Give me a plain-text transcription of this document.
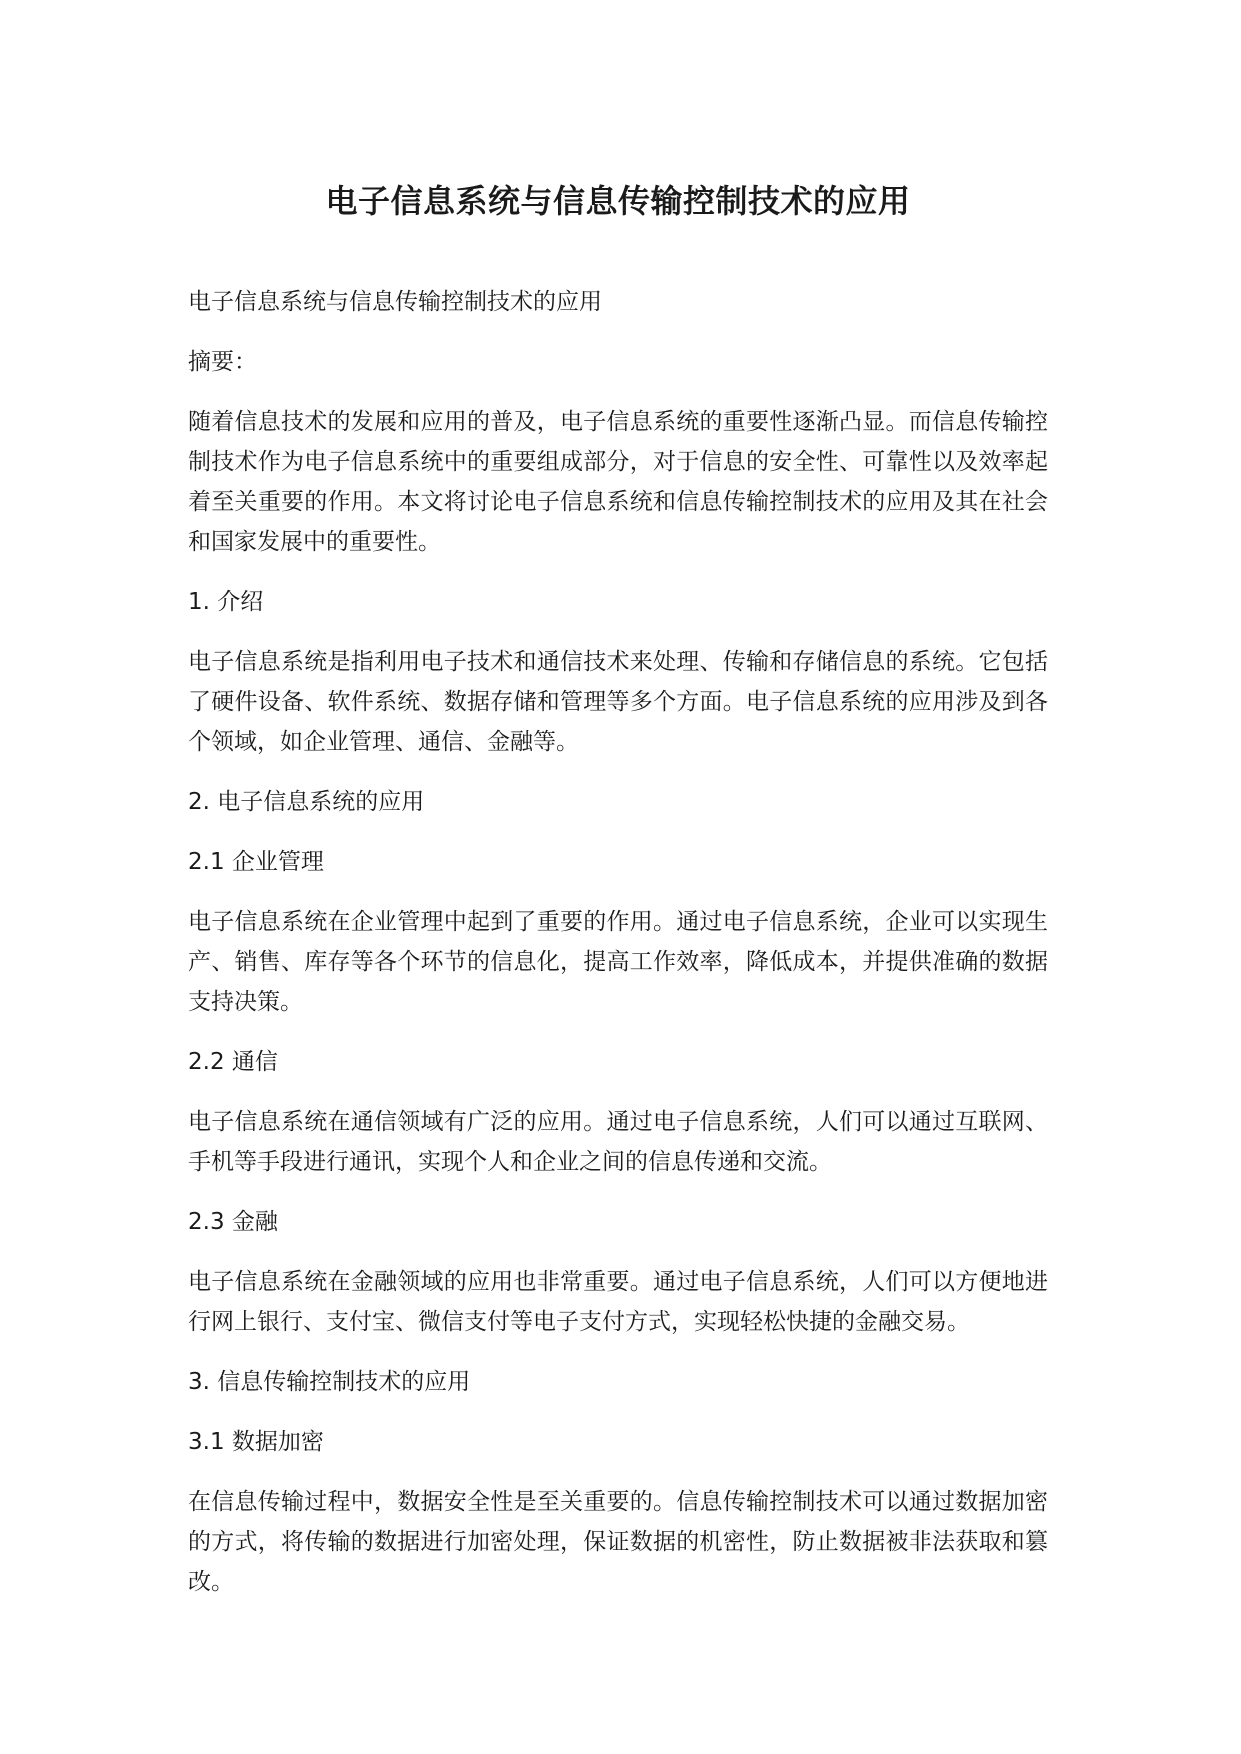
电子信息系统与信息传输控制技术的应用

电子信息系统与信息传输控制技术的应用

摘要：

随着信息技术的发展和应用的普及，电子信息系统的重要性逐渐凸显。而信息传输控制技术作为电子信息系统中的重要组成部分，对于信息的安全性、可靠性以及效率起着至关重要的作用。本文将讨论电子信息系统和信息传输控制技术的应用及其在社会和国家发展中的重要性。

1. 介绍

电子信息系统是指利用电子技术和通信技术来处理、传输和存储信息的系统。它包括了硬件设备、软件系统、数据存储和管理等多个方面。电子信息系统的应用涉及到各个领域，如企业管理、通信、金融等。

2. 电子信息系统的应用

2.1 企业管理

电子信息系统在企业管理中起到了重要的作用。通过电子信息系统，企业可以实现生产、销售、库存等各个环节的信息化，提高工作效率，降低成本，并提供准确的数据支持决策。

2.2 通信

电子信息系统在通信领域有广泛的应用。通过电子信息系统，人们可以通过互联网、手机等手段进行通讯，实现个人和企业之间的信息传递和交流。

2.3 金融

电子信息系统在金融领域的应用也非常重要。通过电子信息系统，人们可以方便地进行网上银行、支付宝、微信支付等电子支付方式，实现轻松快捷的金融交易。

3. 信息传输控制技术的应用

3.1 数据加密

在信息传输过程中，数据安全性是至关重要的。信息传输控制技术可以通过数据加密的方式，将传输的数据进行加密处理，保证数据的机密性，防止数据被非法获取和篡改。
